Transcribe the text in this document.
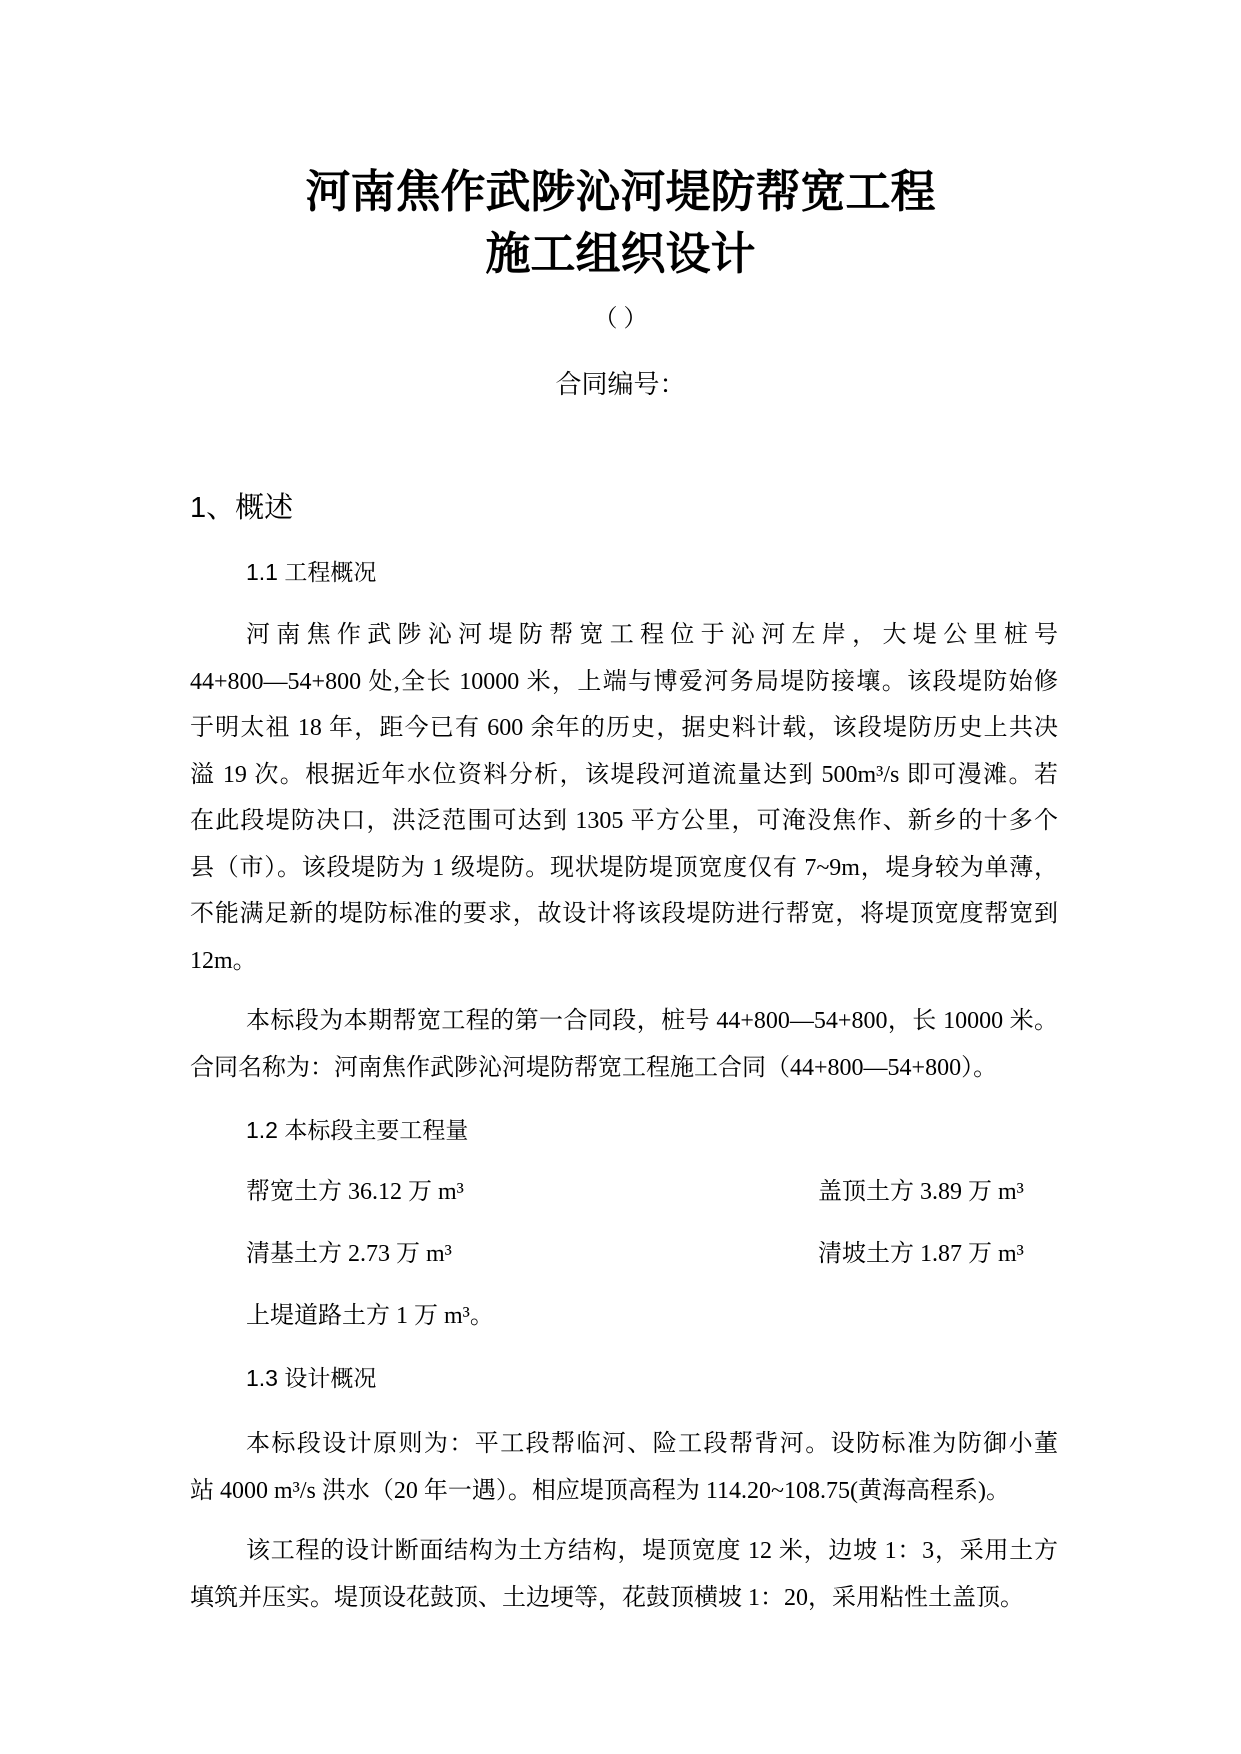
河南焦作武陟沁河堤防帮宽工程
施工组织设计
（ ）
合同编号：
1、概述
1.1 工程概况
河南焦作武陟沁河堤防帮宽工程位于沁河左岸，大堤公里桩号
44+800—54+800 处,全长 10000 米，上端与博爱河务局堤防接壤。该段堤防始修
于明太祖 18 年，距今已有 600 余年的历史，据史料计载，该段堤防历史上共决
溢 19 次。根据近年水位资料分析，该堤段河道流量达到 500m³/s 即可漫滩。若
在此段堤防决口，洪泛范围可达到 1305 平方公里，可淹没焦作、新乡的十多个
县（市）。该段堤防为 1 级堤防。现状堤防堤顶宽度仅有 7~9m，堤身较为单薄，
不能满足新的堤防标准的要求，故设计将该段堤防进行帮宽，将堤顶宽度帮宽到
12m。
本标段为本期帮宽工程的第一合同段，桩号 44+800—54+800，长 10000 米。
合同名称为：河南焦作武陟沁河堤防帮宽工程施工合同（44+800—54+800）。
1.2 本标段主要工程量
帮宽土方 36.12 万 m³	盖顶土方 3.89 万 m³
清基土方 2.73 万 m³	清坡土方 1.87 万 m³
上堤道路土方 1 万 m³。
1.3 设计概况
本标段设计原则为：平工段帮临河、险工段帮背河。设防标准为防御小董
站 4000 m³/s 洪水（20 年一遇）。相应堤顶高程为 114.20~108.75(黄海高程系)。
该工程的设计断面结构为土方结构，堤顶宽度 12 米，边坡 1：3，采用土方
填筑并压实。堤顶设花鼓顶、土边埂等，花鼓顶横坡 1：20，采用粘性土盖顶。
